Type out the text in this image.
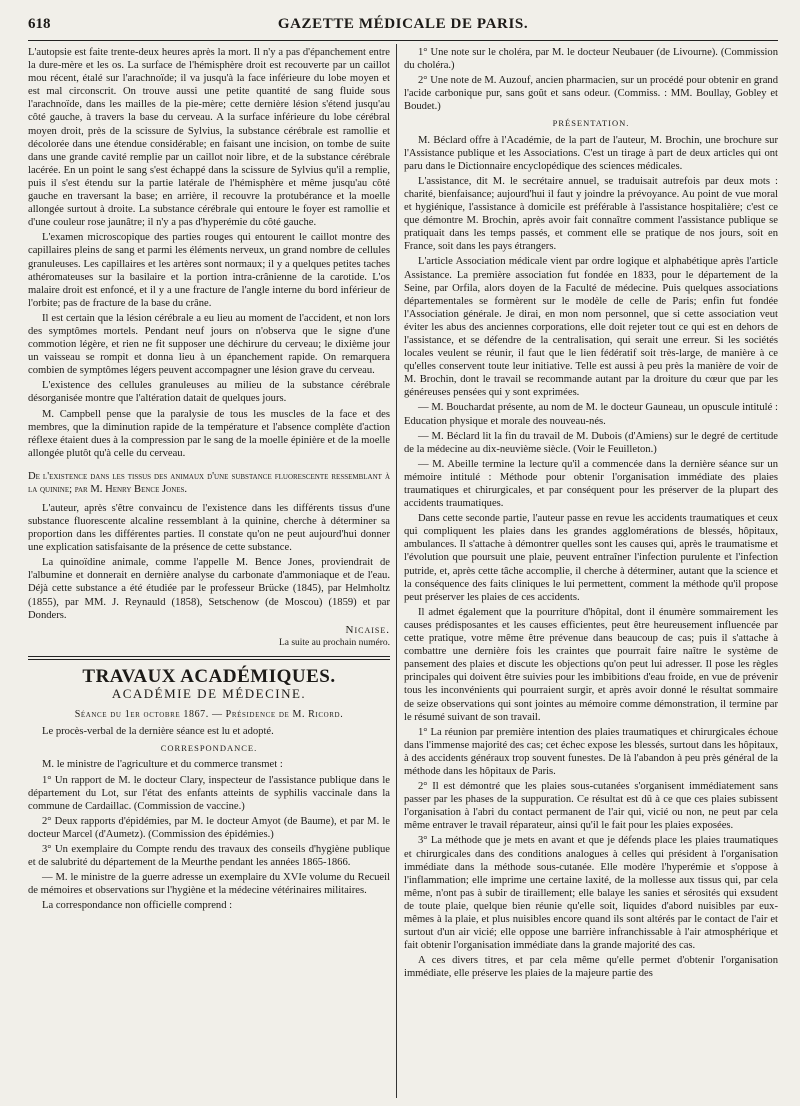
618	GAZETTE MÉDICALE DE PARIS.

L'autopsie est faite trente-deux heures après la mort. Il n'y a pas d'épanchement entre la dure-mère et les os. La surface de l'hémisphère droit est recouverte par un caillot mou récent, étalé sur l'arachnoïde; il va jusqu'à la face inférieure du lobe moyen et est mal circonscrit. On trouve aussi une petite quantité de sang fluide sous l'arachnoïde, dans les mailles de la pie-mère; cette dernière lésion s'étend jusqu'au côté gauche, à travers la base du cerveau. A la surface inférieure du lobe cérébral moyen droit, près de la scissure de Sylvius, la substance cérébrale est ramollie et décolorée dans une étendue considérable; en faisant une incision, on tombe de suite dans une grande cavité remplie par un caillot noir libre, et de la substance cérébrale lacérée. En un point le sang s'est échappé dans la scissure de Sylvius qu'il a remplie, puis il s'est étendu sur la partie latérale de l'hémisphère et même jusqu'au côté gauche en traversant la base; en arrière, il recouvre la protubérance et la moelle allongée surtout à droite. La substance cérébrale qui entoure le foyer est ramollie et d'une couleur rose jaunâtre; il n'y a pas d'hyperémie du côté gauche.

L'examen microscopique des parties rouges qui entourent le caillot montre des capillaires pleins de sang et parmi les éléments nerveux, un grand nombre de cellules granuleuses. Les capillaires et les artères sont normaux; il y a quelques petites taches athéromateuses sur la basilaire et la portion intra-crânienne de la carotide. L'os malaire droit est enfoncé, et il y a une fracture de l'angle interne du bord inférieur de l'orbite; pas de fracture de la base du crâne.

Il est certain que la lésion cérébrale a eu lieu au moment de l'accident, et non lors des symptômes mortels. Pendant neuf jours on n'observa que le signe d'une commotion légère, et rien ne fit supposer une déchirure du cerveau; le dixième jour un vaisseau se rompit et donna lieu à un épanchement rapide. On remarquera combien de symptômes légers peuvent accompagner une lésion grave du cerveau.

L'existence des cellules granuleuses au milieu de la substance cérébrale désorganisée montre que l'altération datait de quelques jours.

M. Campbell pense que la paralysie de tous les muscles de la face et des membres, que la diminution rapide de la température et l'absence complète d'action réflexe étaient dues à la compression par le sang de la moelle épinière et de la moelle allongée plutôt qu'à celle du cerveau.

De l'existence dans les tissus des animaux d'une substance fluorescente ressemblant à la quinine; par M. Henry Bence Jones.

L'auteur, après s'être convaincu de l'existence dans les différents tissus d'une substance fluorescente alcaline ressemblant à la quinine, cherche à déterminer sa proportion dans les différentes parties. Il constate qu'on ne peut aujourd'hui donner une explication satisfaisante de la présence de cette substance.

La quinoïdine animale, comme l'appelle M. Bence Jones, proviendrait de l'albumine et donnerait en dernière analyse du carbonate d'ammoniaque et de l'eau. Déjà cette substance a été étudiée par le professeur Brücke (1845), par Helmholtz (1855), par MM. J. Reynauld (1858), Setschenow (de Moscou) (1859) et par Donders.

Nicaise.
La suite au prochain numéro.
TRAVAUX ACADÉMIQUES.
ACADÉMIE DE MÉDECINE.
Séance du 1er octobre 1867. — Présidence de M. Ricord.

Le procès-verbal de la dernière séance est lu et adopté.

CORRESPONDANCE.

M. le ministre de l'agriculture et du commerce transmet :

1° Un rapport de M. le docteur Clary, inspecteur de l'assistance publique dans le département du Lot, sur l'état des enfants atteints de syphilis vaccinale dans la commune de Cardaillac. (Commission de vaccine.)

2° Deux rapports d'épidémies, par M. le docteur Amyot (de Baume), et par M. le docteur Marcel (d'Aumetz). (Commission des épidémies.)

3° Un exemplaire du Compte rendu des travaux des conseils d'hygiène publique et de salubrité du département de la Meurthe pendant les années 1865-1866.

— M. le ministre de la guerre adresse un exemplaire du XVIe volume du Recueil de mémoires et observations sur l'hygiène et la médecine vétérinaires militaires.

La correspondance non officielle comprend :

1° Une note sur le choléra, par M. le docteur Neubauer (de Livourne). (Commission du choléra.)

2° Une note de M. Auzouf, ancien pharmacien, sur un procédé pour obtenir en grand l'acide carbonique pur, sans goût et sans odeur. (Commiss. : MM. Boullay, Gobley et Boudet.)

PRÉSENTATION.

M. Béclard offre à l'Académie, de la part de l'auteur, M. Brochin, une brochure sur l'Assistance publique et les Associations. C'est un tirage à part de deux articles qui ont paru dans le Dictionnaire encyclopédique des sciences médicales.

L'assistance, dit M. le secrétaire annuel, se traduisait autrefois par deux mots : charité, bienfaisance; aujourd'hui il faut y joindre la prévoyance. Au point de vue moral et hygiénique, l'assistance à domicile est préférable à l'assistance hospitalière; c'est ce que démontre M. Brochin, après avoir fait connaître comment l'assistance publique se pratiquait dans les temps passés, et comment elle se pratique de nos jours, soit en France, soit dans les pays étrangers.

L'article Association médicale vient par ordre logique et alphabétique après l'article Assistance. La première association fut fondée en 1833, pour le département de la Seine, par Orfila, alors doyen de la Faculté de médecine. Puis quelques associations départementales se formèrent sur le modèle de celle de Paris; enfin fut fondée l'Association générale. Je dirai, en mon nom personnel, que si cette association veut éviter les abus des anciennes corporations, elle doit rejeter tout ce qui est en dehors de l'assistance, et se défendre de la centralisation, qui serait une erreur. Si les sociétés locales veulent se réunir, il faut que le lien fédératif soit très-large, de manière à ce qu'elles conservent toute leur initiative. Telle est aussi à peu près la manière de voir de M. Brochin, dont le travail se recommande autant par la droiture du cœur que par les généreuses pensées qui y sont exprimées.

— M. Bouchardat présente, au nom de M. le docteur Gauneau, un opuscule intitulé : Education physique et morale des nouveau-nés.

— M. Béclard lit la fin du travail de M. Dubois (d'Amiens) sur le degré de certitude de la médecine au dix-neuvième siècle. (Voir le Feuilleton.)

— M. Abeille termine la lecture qu'il a commencée dans la dernière séance sur un mémoire intitulé : Méthode pour obtenir l'organisation immédiate des plaies traumatiques et chirurgicales, et par conséquent pour les préserver de la plupart des accidents traumatiques.

Dans cette seconde partie, l'auteur passe en revue les accidents traumatiques et ceux qui compliquent les plaies dans les grandes agglomérations de blessés, hôpitaux, ambulances. Il s'attache à démontrer quelles sont les causes qui, après le traumatisme et l'évolution que poursuit une plaie, peuvent entraîner l'infection purulente et l'infection putride, et, après cette tâche accomplie, il cherche à déterminer, autant que la science et la conséquence des faits cliniques le lui permettent, comment la méthode qu'il propose peut préserver les plaies de ces accidents.

Il admet également que la pourriture d'hôpital, dont il énumère sommairement les causes prédisposantes et les causes efficientes, peut être heureusement influencée par cette pratique, votre même être prévenue dans beaucoup de cas; puis il s'attache à combattre une dernière fois les craintes que pourrait faire naître le système de pansement des plaies et discute les objections qu'on peut lui adresser. Il pose les règles principales qui doivent être suivies pour les imbibitions d'eau froide, en vue de prévenir tous les inconvénients qui pourraient surgir, et après avoir donné le résultat sommaire de seize observations qui sont jointes au mémoire comme démonstration, il termine par le résumé suivant de son travail.

1° La réunion par première intention des plaies traumatiques et chirurgicales échoue dans l'immense majorité des cas; cet échec expose les blessés, surtout dans les hôpitaux, à des accidents généraux trop souvent funestes. De là l'abandon à peu près général de la méthode dans les hôpitaux de Paris.

2° Il est démontré que les plaies sous-cutanées s'organisent immédiatement sans passer par les phases de la suppuration. Ce résultat est dû à ce que ces plaies subissent l'organisation à l'abri du contact permanent de l'air qui, vicié ou non, ne peut par cela même entraver le travail réparateur, ainsi qu'il le fait pour les plaies exposées.

3° La méthode que je mets en avant et que je défends place les plaies traumatiques et chirurgicales dans des conditions analogues à celles qui président à l'organisation immédiate dans la méthode sous-cutanée. Elle modère l'hyperémie et s'oppose à l'inflammation; elle imprime une certaine laxité, de la mollesse aux tissus qui, par cela même, n'ont pas à subir de tiraillement; elle balaye les sanies et sérosités qui exsudent de toute plaie, quelque bien réunie qu'elle soit, liquides d'abord nuisibles par eux-mêmes à la plaie, et plus nuisibles encore quand ils sont altérés par le contact de l'air et surtout d'un air vicié; elle oppose une barrière infranchissable à l'air atmosphérique et fait obtenir l'organisation immédiate dans la grande majorité des cas.

A ces divers titres, et par cela même qu'elle permet d'obtenir l'organisation immédiate, elle préserve les plaies de la majeure partie des
